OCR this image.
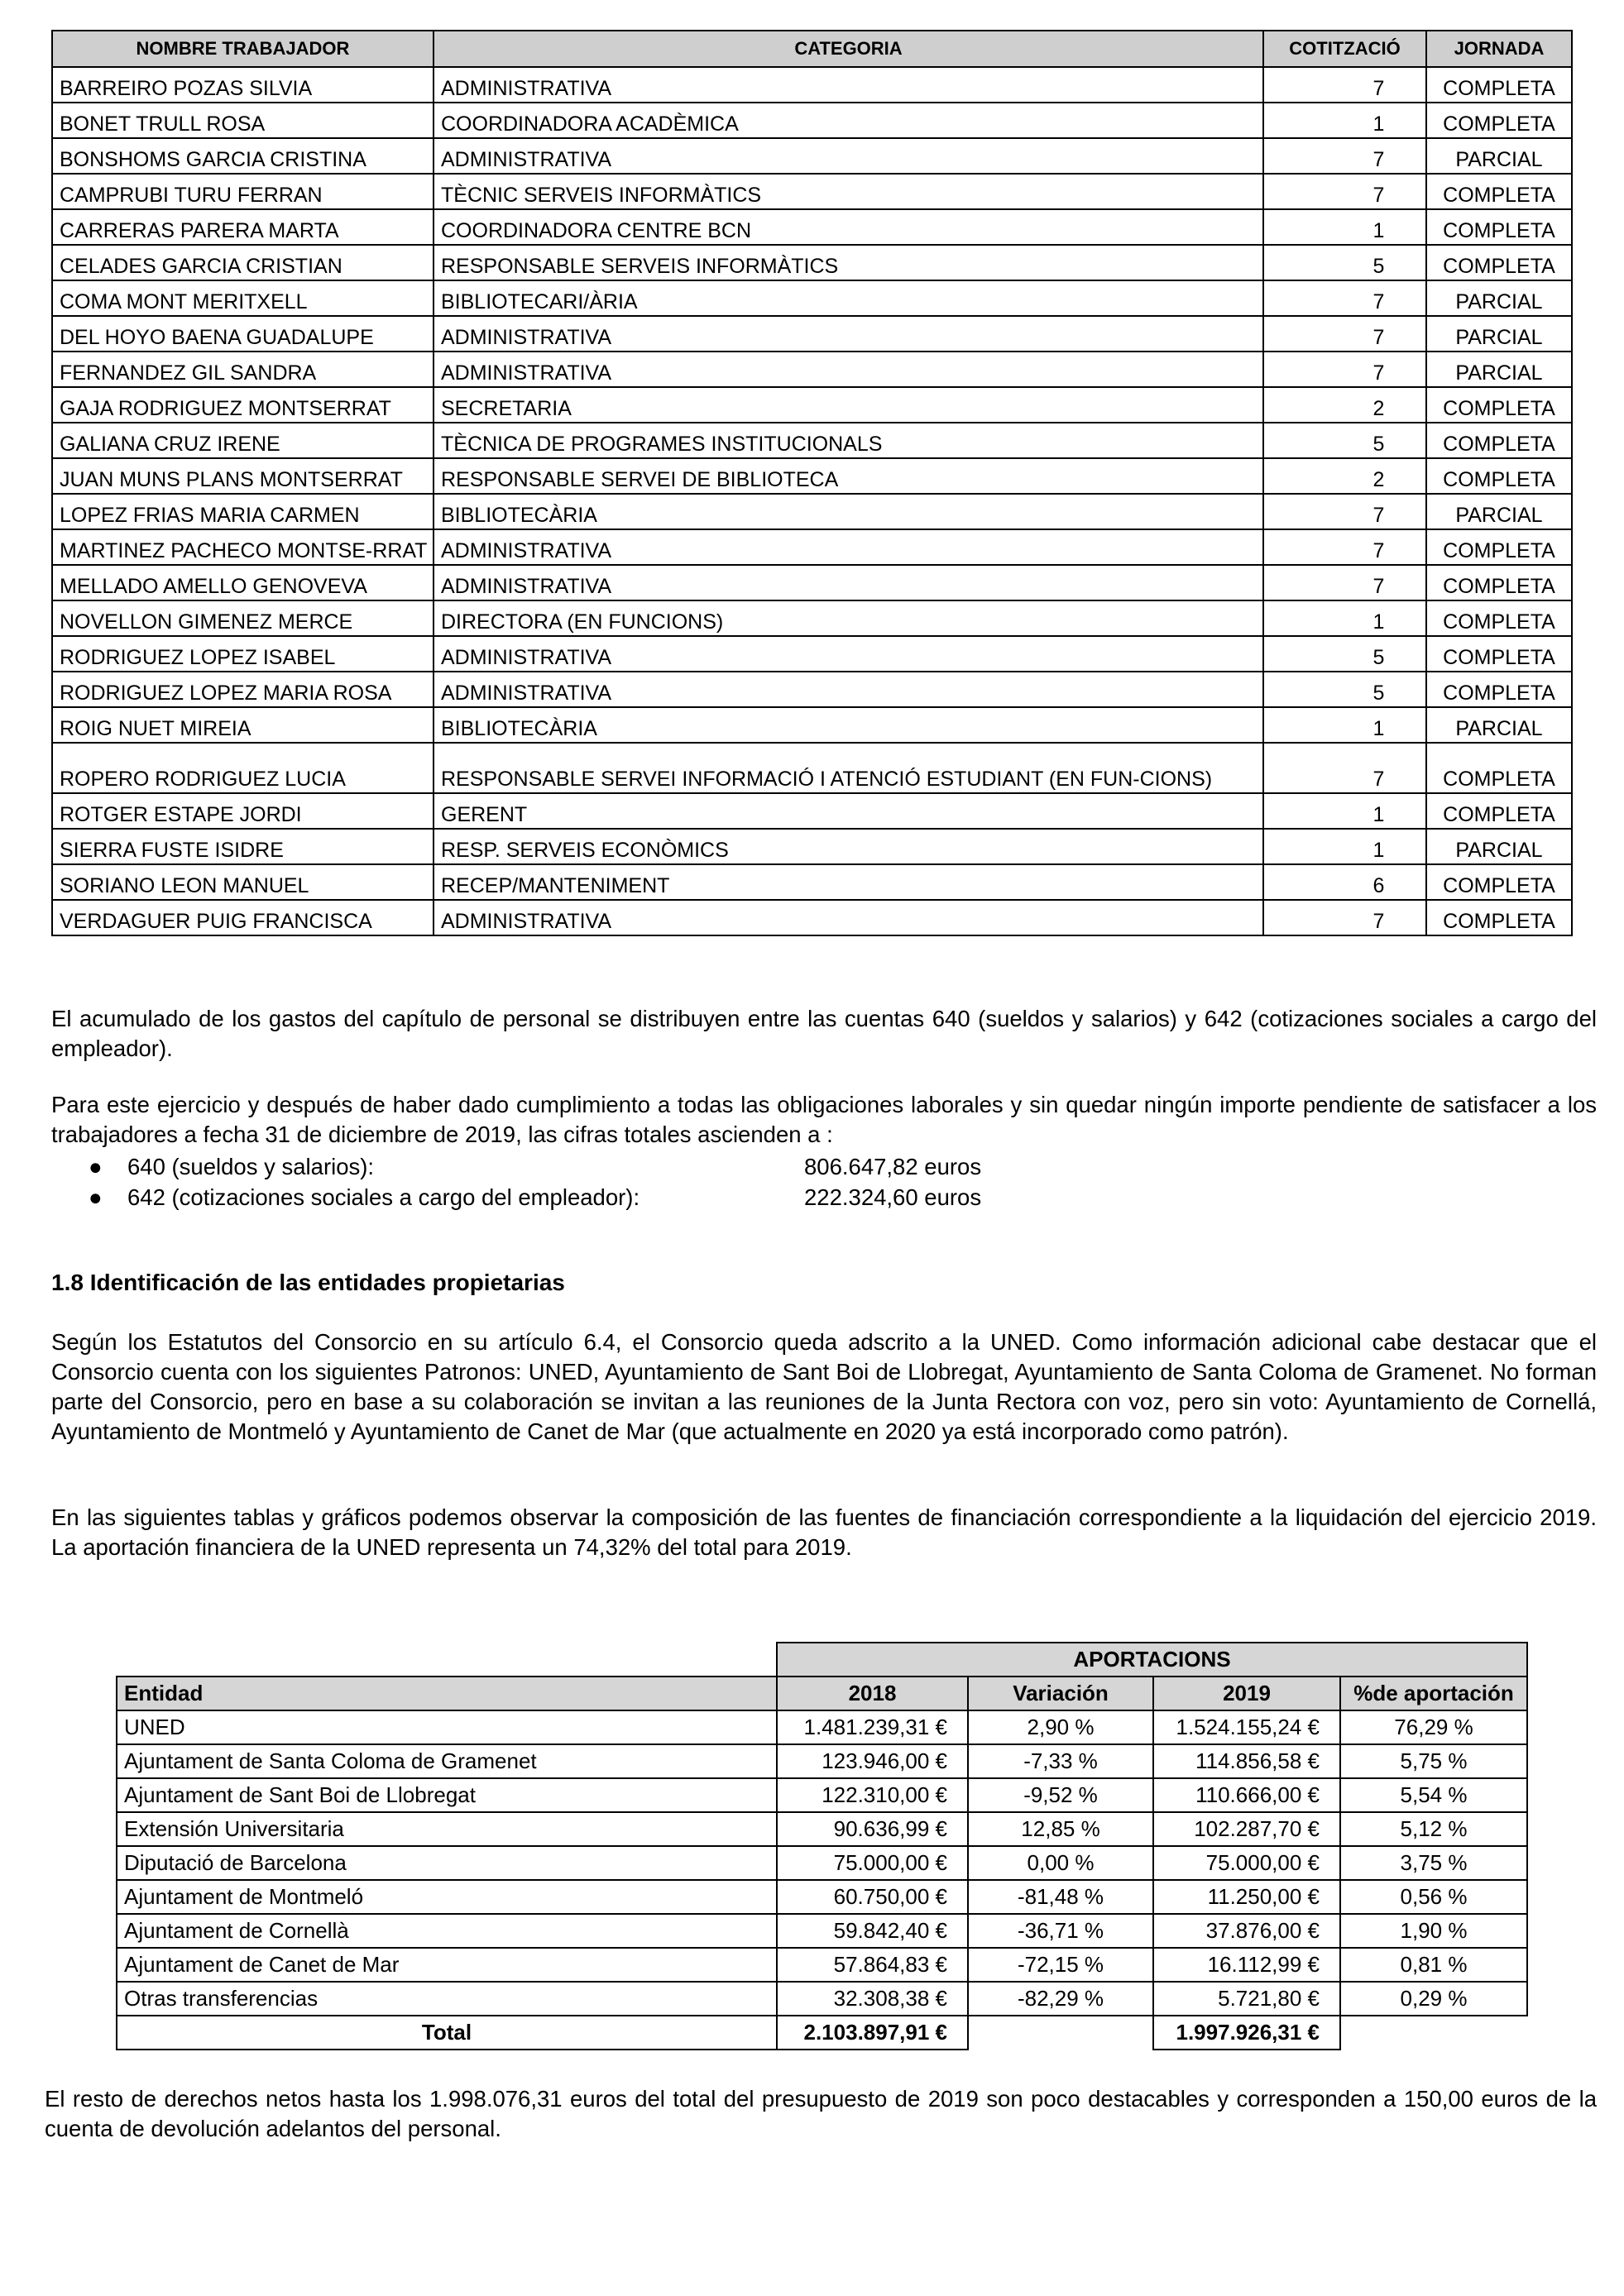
NOMBRE TRABAJADOR	CATEGORIA	COTITZACIÓ	JORNADA
BARREIRO POZAS SILVIA	ADMINISTRATIVA	7	COMPLETA
BONET TRULL ROSA	COORDINADORA ACADÈMICA	1	COMPLETA
BONSHOMS GARCIA CRISTINA	ADMINISTRATIVA	7	PARCIAL
CAMPRUBI TURU FERRAN	TÈCNIC SERVEIS INFORMÀTICS	7	COMPLETA
CARRERAS PARERA MARTA	COORDINADORA CENTRE BCN	1	COMPLETA
CELADES GARCIA CRISTIAN	RESPONSABLE SERVEIS INFORMÀTICS	5	COMPLETA
COMA MONT MERITXELL	BIBLIOTECARI/ÀRIA	7	PARCIAL
DEL HOYO BAENA GUADALUPE	ADMINISTRATIVA	7	PARCIAL
FERNANDEZ GIL SANDRA	ADMINISTRATIVA	7	PARCIAL
GAJA RODRIGUEZ MONTSERRAT	SECRETARIA	2	COMPLETA
GALIANA CRUZ IRENE	TÈCNICA DE PROGRAMES INSTITUCIONALS	5	COMPLETA
JUAN MUNS PLANS MONTSERRAT	RESPONSABLE SERVEI DE BIBLIOTECA	2	COMPLETA
LOPEZ FRIAS MARIA CARMEN	BIBLIOTECÀRIA	7	PARCIAL
MARTINEZ PACHECO MONTSE-RRAT	ADMINISTRATIVA	7	COMPLETA
MELLADO AMELLO GENOVEVA	ADMINISTRATIVA	7	COMPLETA
NOVELLON GIMENEZ MERCE	DIRECTORA (EN FUNCIONS)	1	COMPLETA
RODRIGUEZ LOPEZ ISABEL	ADMINISTRATIVA	5	COMPLETA
RODRIGUEZ LOPEZ MARIA ROSA	ADMINISTRATIVA	5	COMPLETA
ROIG NUET MIREIA	BIBLIOTECÀRIA	1	PARCIAL
ROPERO RODRIGUEZ LUCIA	RESPONSABLE SERVEI INFORMACIÓ I ATENCIÓ ESTUDIANT (EN FUN-CIONS)	7	COMPLETA
ROTGER ESTAPE JORDI	GERENT	1	COMPLETA
SIERRA FUSTE ISIDRE	RESP. SERVEIS ECONÒMICS	1	PARCIAL
SORIANO LEON MANUEL	RECEP/MANTENIMENT	6	COMPLETA
VERDAGUER PUIG FRANCISCA	ADMINISTRATIVA	7	COMPLETA

El acumulado de los gastos del capítulo de personal se distribuyen entre las cuentas 640 (sueldos y salarios) y 642 (cotizaciones sociales a cargo del empleador).

Para este ejercicio y después de haber dado cumplimiento a todas las obligaciones laborales y sin quedar ningún importe pendiente de satisfacer a los trabajadores a fecha 31 de diciembre de 2019, las cifras totales ascienden a :

● 640 (sueldos y salarios):	806.647,82 euros
● 642 (cotizaciones sociales a cargo del empleador):	222.324,60 euros
1.8 Identificación de las entidades propietarias

Según los Estatutos del Consorcio en su artículo 6.4, el Consorcio queda adscrito a la UNED. Como información adicional cabe destacar que el Consorcio cuenta con los siguientes Patronos: UNED, Ayuntamiento de Sant Boi de Llobregat, Ayuntamiento de Santa Coloma de Gramenet. No forman parte del Consorcio, pero en base a su colaboración se invitan a las reuniones de la Junta Rectora con voz, pero sin voto: Ayuntamiento de Cornellá, Ayuntamiento de Montmeló y Ayuntamiento de Canet de Mar (que actualmente en 2020 ya está incorporado como patrón).

En las siguientes tablas y gráficos podemos observar la composición de las fuentes de financiación correspondiente a la liquidación del ejercicio 2019. La aportación financiera de la UNED representa un 74,32% del total para 2019.

	APORTACIONS			
Entidad	2018	Variación	2019	%de aportación
UNED	1.481.239,31 €	2,90 %	1.524.155,24 €	76,29 %
Ajuntament de Santa Coloma de Gramenet	123.946,00 €	-7,33 %	114.856,58 €	5,75 %
Ajuntament de Sant Boi de Llobregat	122.310,00 €	-9,52 %	110.666,00 €	5,54 %
Extensión Universitaria	90.636,99 €	12,85 %	102.287,70 €	5,12 %
Diputació de Barcelona	75.000,00 €	0,00 %	75.000,00 €	3,75 %
Ajuntament de Montmeló	60.750,00 €	-81,48 %	11.250,00 €	0,56 %
Ajuntament de Cornellà	59.842,40 €	-36,71 %	37.876,00 €	1,90 %
Ajuntament de Canet de Mar	57.864,83 €	-72,15 %	16.112,99 €	0,81 %
Otras transferencias	32.308,38 €	-82,29 %	5.721,80 €	0,29 %
Total	2.103.897,91 €		1.997.926,31 €	

El resto de derechos netos hasta los 1.998.076,31 euros del total del presupuesto de 2019 son poco destacables y corresponden a 150,00 euros de la cuenta de devolución adelantos del personal.
